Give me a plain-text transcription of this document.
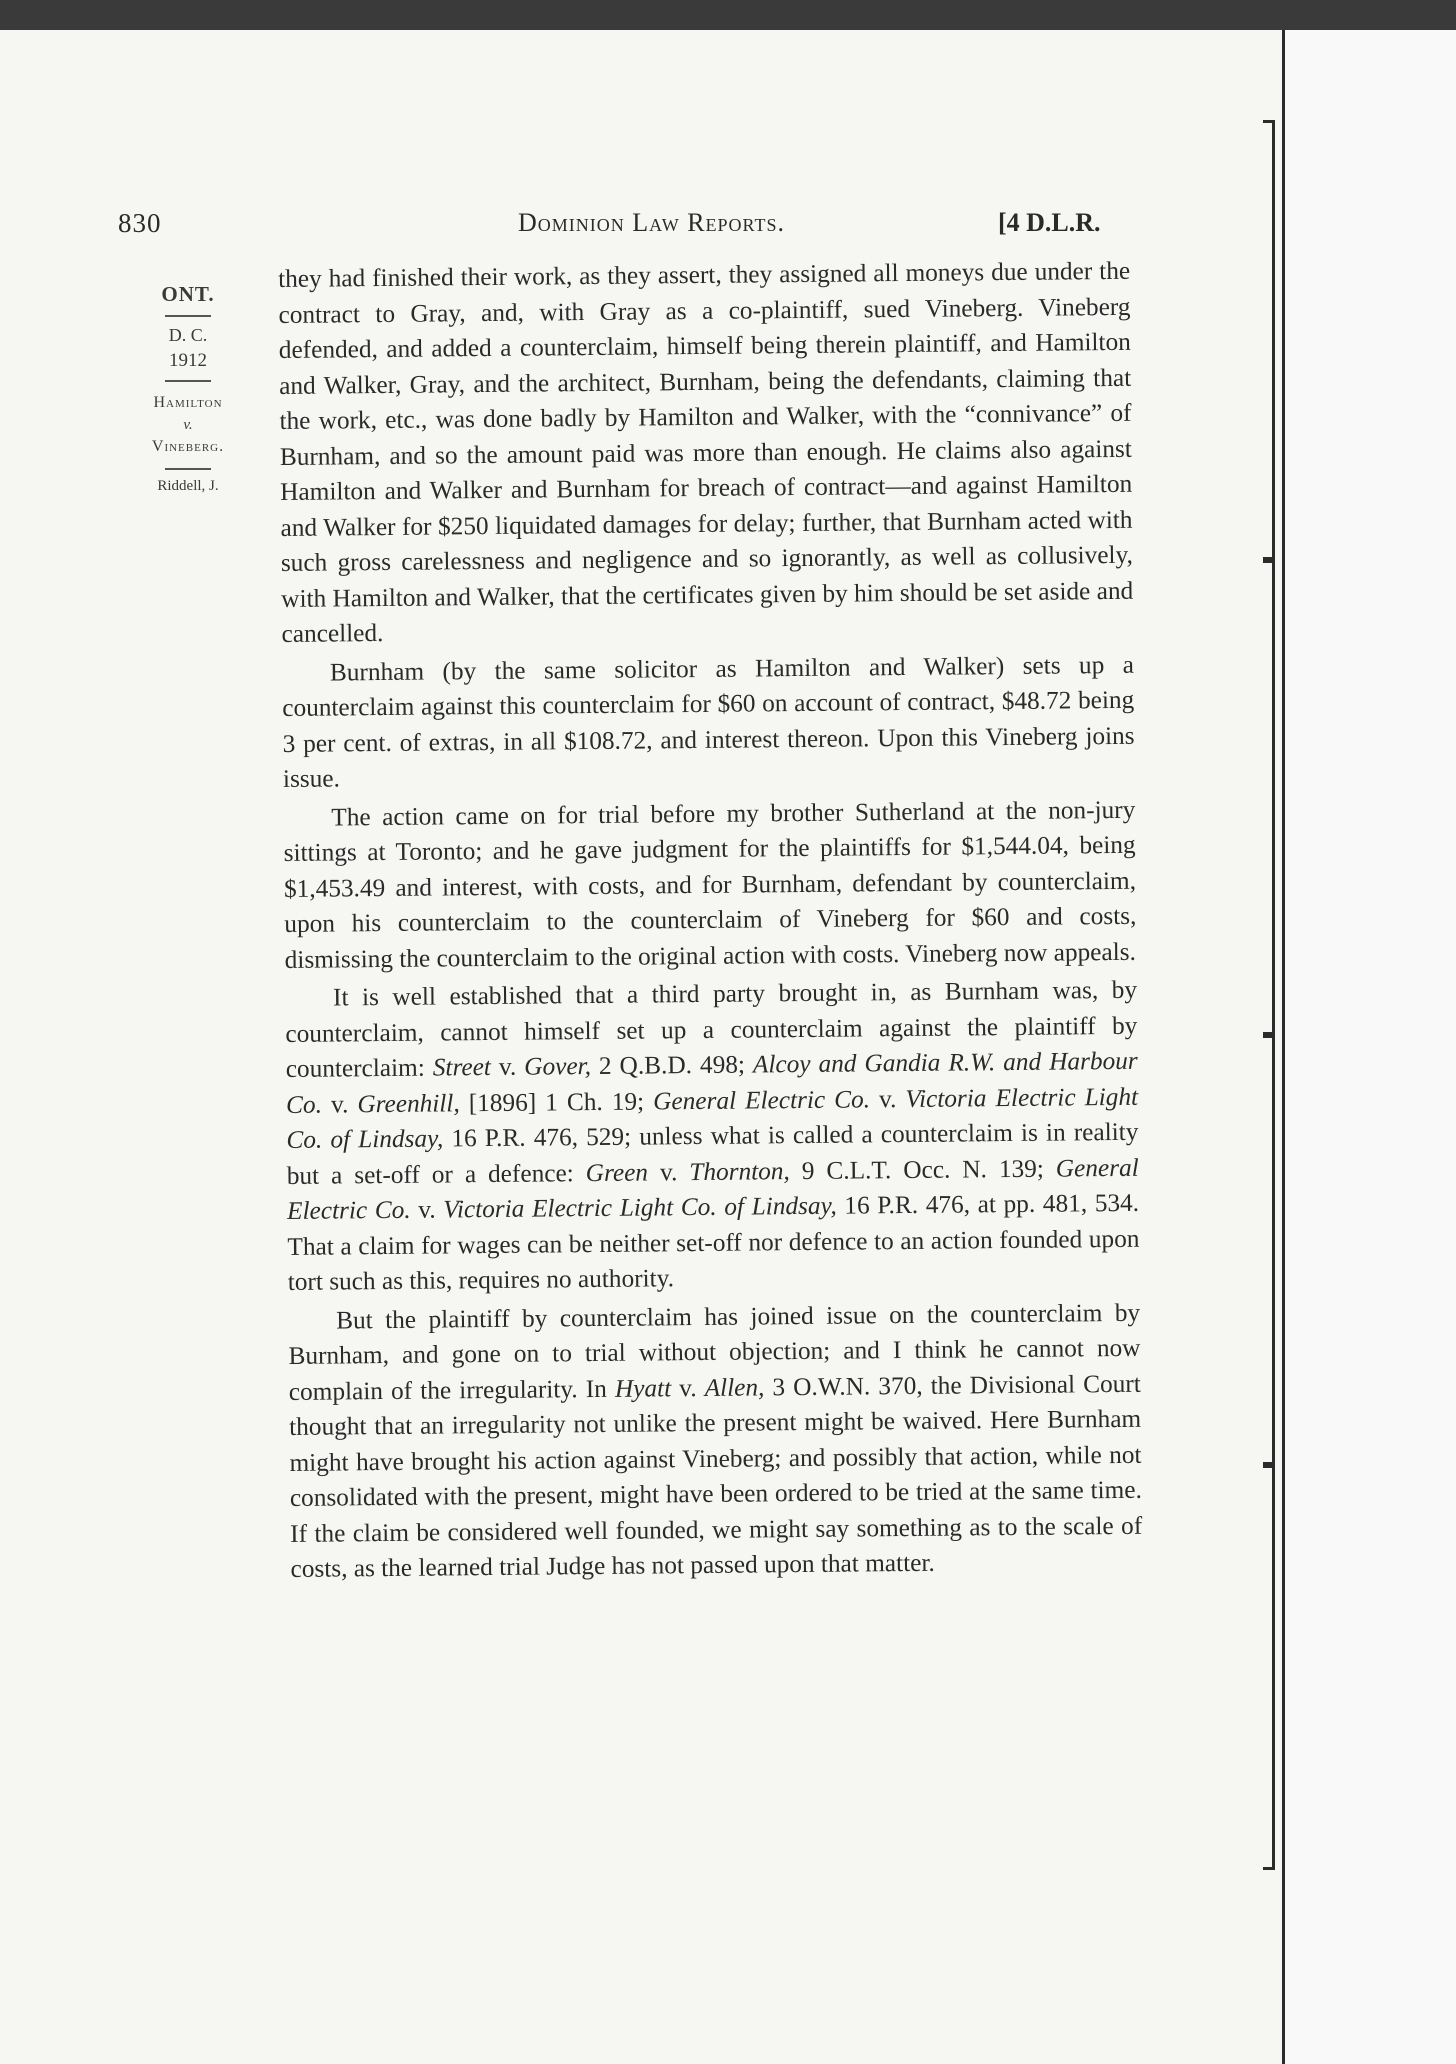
830	Dominion Law Reports.	[4 D.L.R.
ONT.
D. C.
1912
Hamilton
v.
Vineberg.
Riddell, J.

they had finished their work, as they assert, they assigned all moneys due under the contract to Gray, and, with Gray as a co-plaintiff, sued Vineberg. Vineberg defended, and added a counterclaim, himself being therein plaintiff, and Hamilton and Walker, Gray, and the architect, Burnham, being the defendants, claiming that the work, etc., was done badly by Hamilton and Walker, with the “connivance” of Burnham, and so the amount paid was more than enough. He claims also against Hamilton and Walker and Burnham for breach of contract—and against Hamilton and Walker for $250 liquidated damages for delay; further, that Burnham acted with such gross carelessness and negligence and so ignorantly, as well as collusively, with Hamilton and Walker, that the certificates given by him should be set aside and cancelled.

Burnham (by the same solicitor as Hamilton and Walker) sets up a counterclaim against this counterclaim for $60 on account of contract, $48.72 being 3 per cent. of extras, in all $108.72, and interest thereon. Upon this Vineberg joins issue.

The action came on for trial before my brother Sutherland at the non-jury sittings at Toronto; and he gave judgment for the plaintiffs for $1,544.04, being $1,453.49 and interest, with costs, and for Burnham, defendant by counterclaim, upon his counterclaim to the counterclaim of Vineberg for $60 and costs, dismissing the counterclaim to the original action with costs. Vineberg now appeals.

It is well established that a third party brought in, as Burnham was, by counterclaim, cannot himself set up a counterclaim against the plaintiff by counterclaim: Street v. Gover, 2 Q.B.D. 498; Alcoy and Gandia R.W. and Harbour Co. v. Greenhill, [1896] 1 Ch. 19; General Electric Co. v. Victoria Electric Light Co. of Lindsay, 16 P.R. 476, 529; unless what is called a counterclaim is in reality but a set-off or a defence: Green v. Thornton, 9 C.L.T. Occ. N. 139; General Electric Co. v. Victoria Electric Light Co. of Lindsay, 16 P.R. 476, at pp. 481, 534. That a claim for wages can be neither set-off nor defence to an action founded upon tort such as this, requires no authority.

But the plaintiff by counterclaim has joined issue on the counterclaim by Burnham, and gone on to trial without objection; and I think he cannot now complain of the irregularity. In Hyatt v. Allen, 3 O.W.N. 370, the Divisional Court thought that an irregularity not unlike the present might be waived. Here Burnham might have brought his action against Vineberg; and possibly that action, while not consolidated with the present, might have been ordered to be tried at the same time. If the claim be considered well founded, we might say something as to the scale of costs, as the learned trial Judge has not passed upon that matter.
